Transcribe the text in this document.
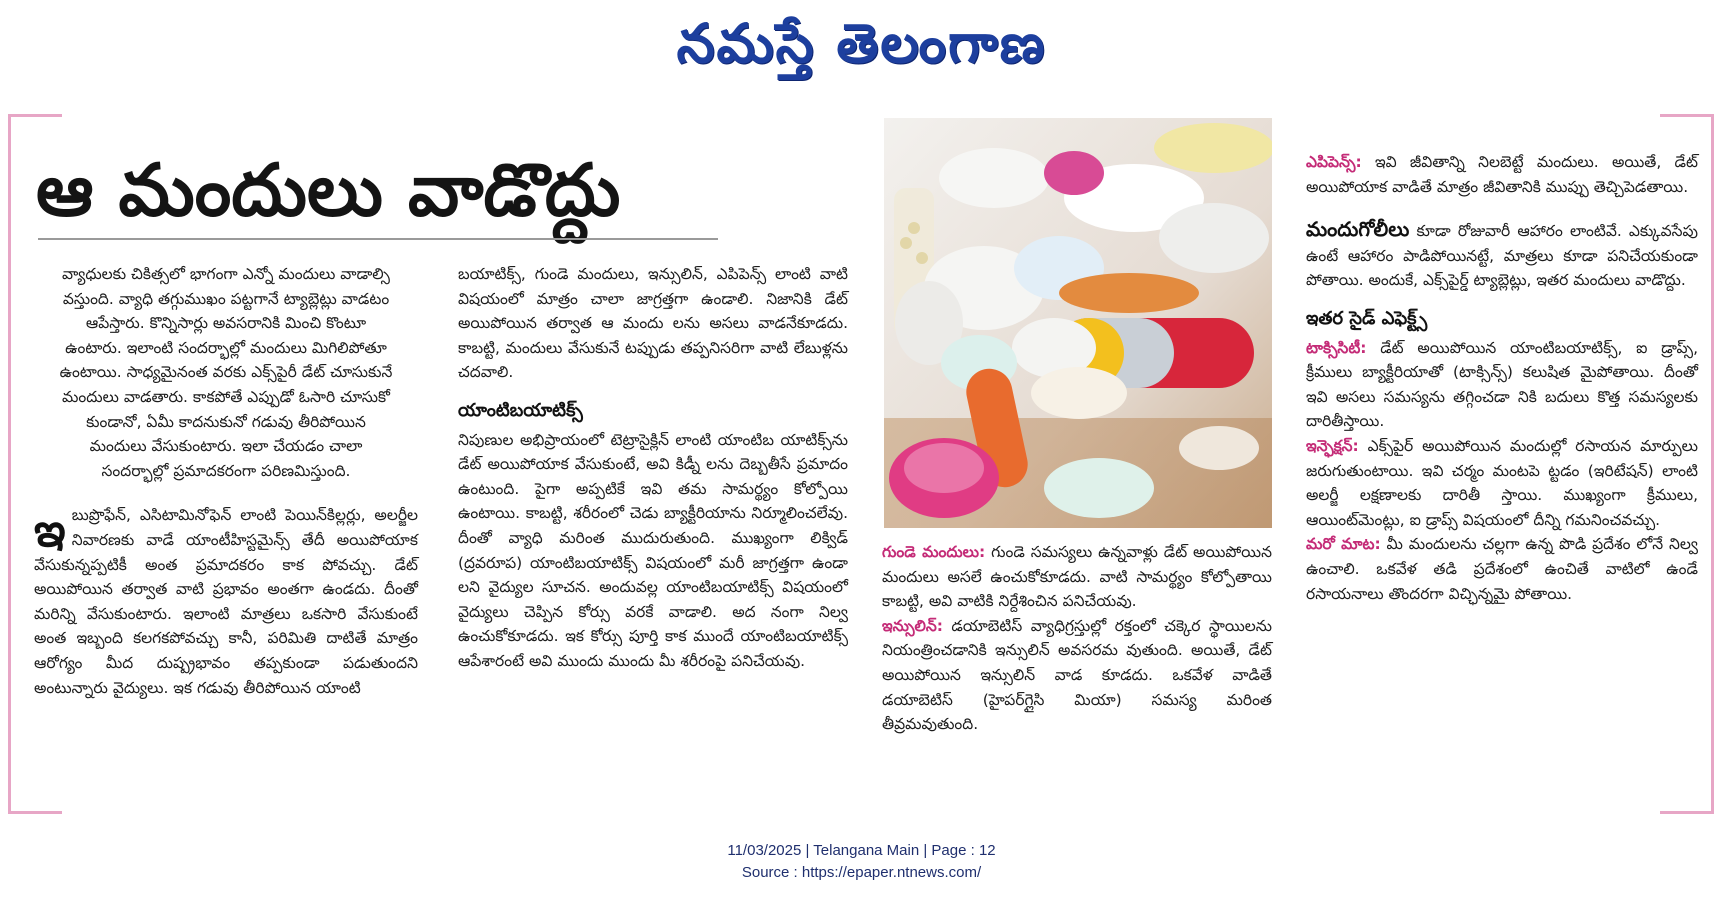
నమస్తే తెలంగాణ
ఆ మందులు వాడొద్దు
వ్యాధులకు చికిత్సలో భాగంగా ఎన్నో మందులు వాడాల్సి
వస్తుంది. వ్యాధి తగ్గుముఖం పట్టగానే ట్యాబ్లెట్లు వాడటం
ఆపేస్తారు. కొన్నిసార్లు అవసరానికి మించి కొంటూ
ఉంటారు. ఇలాంటి సందర్భాల్లో మందులు మిగిలిపోతూ
ఉంటాయి. సాధ్యమైనంత వరకు ఎక్స్‌పైరీ డేట్ చూసుకునే
మందులు వాడతారు. కాకపోతే ఎప్పుడో ఓసారి చూసుకో
కుండానో, ఏమీ కాదనుకునో గడువు తీరిపోయిన
మందులు వేసుకుంటారు. ఇలా చేయడం చాలా
సందర్భాల్లో ప్రమాదకరంగా పరిణమిస్తుంది.

ఇబుప్రొఫేన్, ఎసిటామినోఫెన్ లాంటి పెయిన్‌కిల్లర్లు, అలర్జీల నివారణకు వాడే యాంటీహిస్టమైన్స్ తేదీ అయిపోయాక వేసుకున్నప్పటికీ అంత ప్రమాదకరం కాక పోవచ్చు. డేట్ అయిపోయిన తర్వాత వాటి ప్రభావం అంతగా ఉండదు. దీంతో మరిన్ని వేసుకుంటారు. ఇలాంటి మాత్రలు ఒకసారి వేసుకుంటే అంత ఇబ్బంది కలగకపోవచ్చు కానీ, పరిమితి దాటితే మాత్రం ఆరోగ్యం మీద దుష్ప్రభావం తప్పకుండా పడుతుందని అంటున్నారు వైద్యులు. ఇక గడువు తీరిపోయిన యాంటి

బయాటిక్స్, గుండె మందులు, ఇన్సులిన్, ఎపిపెన్స్ లాంటి వాటి విషయంలో మాత్రం చాలా జాగ్రత్తగా ఉండాలి. నిజానికి డేట్ అయిపోయిన తర్వాత ఆ మందు లను అసలు వాడనేకూడదు. కాబట్టి, మందులు వేసుకునే టప్పుడు తప్పనిసరిగా వాటి లేబుళ్లను చదవాలి.

యాంటిబయాటిక్స్

నిపుణుల అభిప్రాయంలో టెట్రాసైక్లిన్ లాంటి యాంటిబ యాటిక్స్‌ను డేట్ అయిపోయాక వేసుకుంటే, అవి కిడ్నీ లను దెబ్బతీసే ప్రమాదం ఉంటుంది. పైగా అప్పటికే ఇవి తమ సామర్థ్యం కోల్పోయి ఉంటాయి. కాబట్టి, శరీరంలో చెడు బ్యాక్టీరియాను నిర్మూలించలేవు. దీంతో వ్యాధి మరింత ముదురుతుంది. ముఖ్యంగా లిక్విడ్ (ద్రవరూప) యాంటిబయాటిక్స్ విషయంలో మరీ జాగ్రత్తగా ఉండా లని వైద్యుల సూచన. అందువల్ల యాంటిబయాటిక్స్ విషయంలో వైద్యులు చెప్పిన కోర్సు వరకే వాడాలి. అద నంగా నిల్వ ఉంచుకోకూడదు. ఇక కోర్సు పూర్తి కాక ముందే యాంటిబయాటిక్స్ ఆపేశారంటే అవి ముందు ముందు మీ శరీరంపై పనిచేయవు.

గుండె మందులు: గుండె సమస్యలు ఉన్నవాళ్లు డేట్ అయిపోయిన మందులు అసలే ఉంచుకోకూడదు. వాటి సామర్థ్యం కోల్పోతాయి కాబట్టి, అవి వాటికి నిర్దేశించిన పనిచేయవు.

ఇన్సులిన్: డయాబెటిస్ వ్యాధిగ్రస్తుల్లో రక్తంలో చక్కెర స్థాయిలను నియంత్రించడానికి ఇన్సులిన్ అవసరమ వుతుంది. అయితే, డేట్ అయిపోయిన ఇన్సులిన్ వాడ కూడదు. ఒకవేళ వాడితే డయాబెటిస్ (హైపర్‌గ్లైసి మియా) సమస్య మరింత తీవ్రమవుతుంది.

ఎపిపెన్స్: ఇవి జీవితాన్ని నిలబెట్టే మందులు. అయితే, డేట్ అయిపోయాక వాడితే మాత్రం జీవితానికి ముప్పు తెచ్చిపెడతాయి.

మందుగోలీలు కూడా రోజువారీ ఆహారం లాంటివే. ఎక్కువసేపు ఉంటే ఆహారం పాడిపోయినట్టే, మాత్రలు కూడా పనిచేయకుండా పోతాయి. అందుకే, ఎక్స్‌పైర్డ్ ట్యాబ్లెట్లు, ఇతర మందులు వాడొద్దు.

ఇతర సైడ్ ఎఫెక్ట్స్

టాక్సిసిటీ: డేట్ అయిపోయిన యాంటిబయాటిక్స్, ఐ డ్రాప్స్, క్రీములు బ్యాక్టీరియాతో (టాక్సిన్స్) కలుషిత మైపోతాయి. దీంతో ఇవి అసలు సమస్యను తగ్గించడా నికి బదులు కొత్త సమస్యలకు దారితీస్తాయి.

ఇన్ఫెక్షన్: ఎక్స్‌పైర్ అయిపోయిన మందుల్లో రసాయన మార్పులు జరుగుతుంటాయి. ఇవి చర్మం మంటపె ట్టడం (ఇరిటేషన్) లాంటి అలర్జీ లక్షణాలకు దారితీ స్తాయి. ముఖ్యంగా క్రీములు, ఆయింట్‌మెంట్లు, ఐ డ్రాప్స్ విషయంలో దీన్ని గమనించవచ్చు.

మరో మాట: మీ మందులను చల్లగా ఉన్న పొడి ప్రదేశం లోనే నిల్వ ఉంచాలి. ఒకవేళ తడి ప్రదేశంలో ఉంచితే వాటిలో ఉండే రసాయనాలు తొందరగా విచ్ఛిన్నమై పోతాయి.

11/03/2025 | Telangana Main | Page : 12
Source : https://epaper.ntnews.com/
